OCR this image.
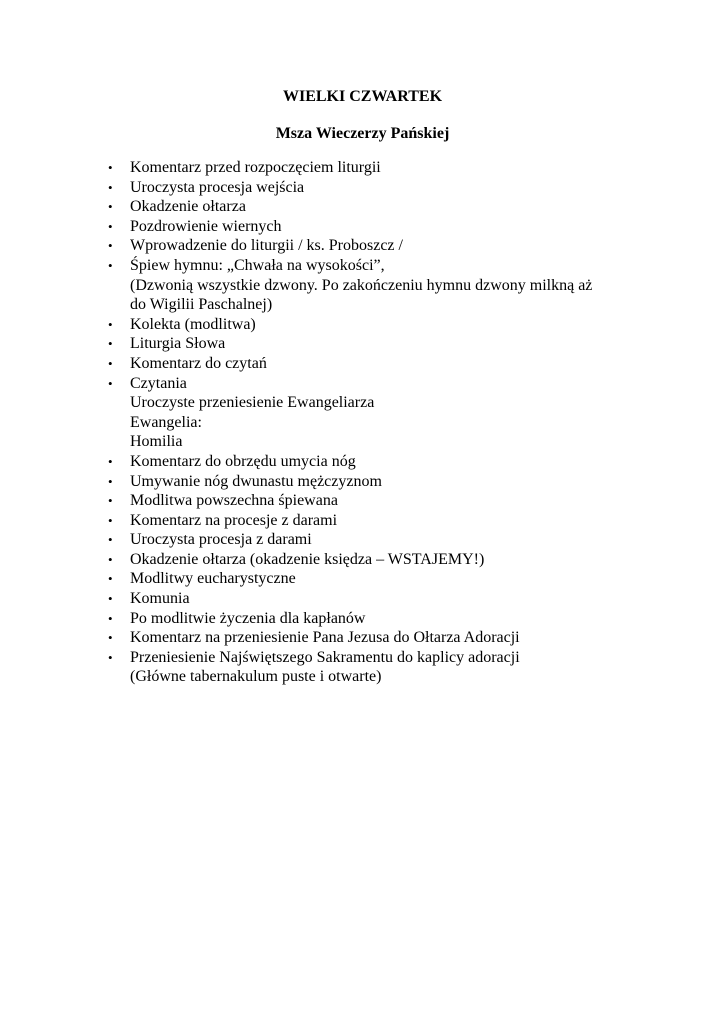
WIELKI CZWARTEK
Msza Wieczerzy Pańskiej
• Komentarz przed rozpoczęciem liturgii
• Uroczysta procesja wejścia
• Okadzenie ołtarza
• Pozdrowienie wiernych
• Wprowadzenie do liturgii / ks. Proboszcz /
• Śpiew hymnu: „Chwała na wysokości”,
(Dzwonią wszystkie dzwony. Po zakończeniu hymnu dzwony milkną aż
do Wigilii Paschalnej)
• Kolekta (modlitwa)
• Liturgia Słowa
• Komentarz do czytań
• Czytania
Uroczyste przeniesienie Ewangeliarza
Ewangelia:
Homilia
• Komentarz do obrzędu umycia nóg
• Umywanie nóg dwunastu mężczyznom
• Modlitwa powszechna śpiewana
• Komentarz na procesje z darami
• Uroczysta procesja z darami
• Okadzenie ołtarza (okadzenie księdza – WSTAJEMY!)
• Modlitwy eucharystyczne
• Komunia
• Po modlitwie życzenia dla kapłanów
• Komentarz na przeniesienie Pana Jezusa do Ołtarza Adoracji
• Przeniesienie Najświętszego Sakramentu do kaplicy adoracji
(Główne tabernakulum puste i otwarte)
